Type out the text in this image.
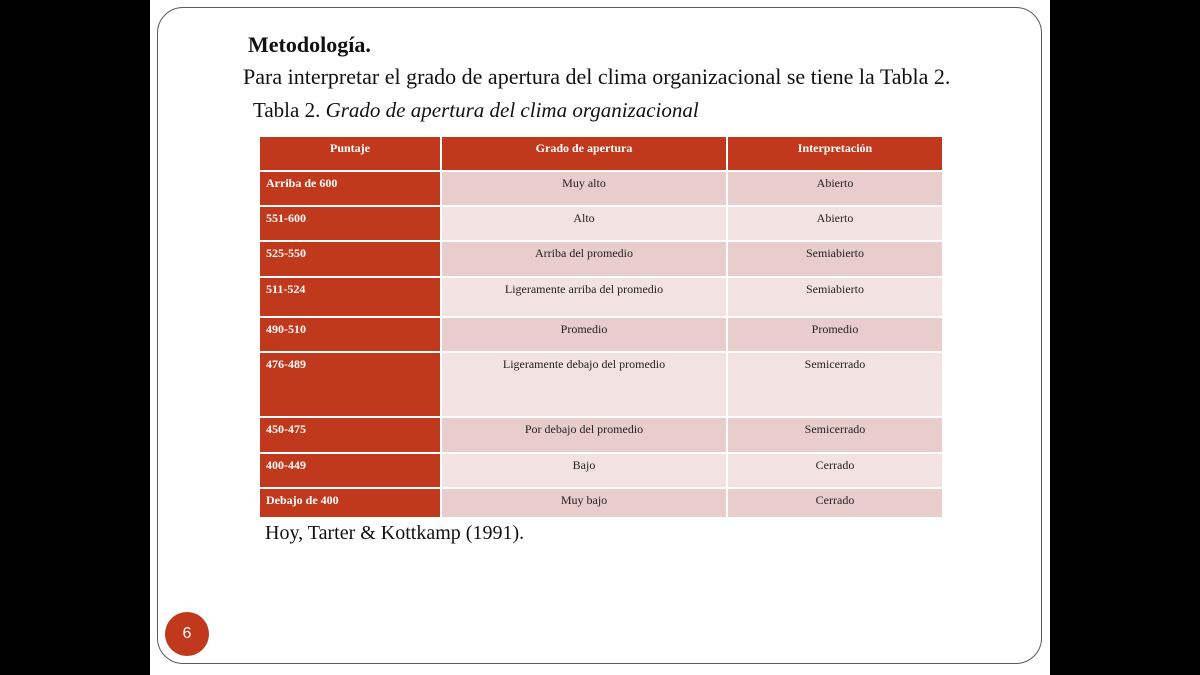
Metodología.
Para interpretar el grado de apertura del clima organizacional se tiene la Tabla 2.
Tabla 2. Grado de apertura del clima organizacional
Puntaje	Grado de apertura	Interpretación
Arriba de 600	Muy alto	Abierto
551-600	Alto	Abierto
525-550	Arriba del promedio	Semiabierto
511-524	Ligeramente arriba del promedio	Semiabierto
490-510	Promedio	Promedio
476-489	Ligeramente debajo del promedio	Semicerrado
450-475	Por debajo del promedio	Semicerrado
400-449	Bajo	Cerrado
Debajo de 400	Muy bajo	Cerrado
Hoy, Tarter & Kottkamp (1991).
6
